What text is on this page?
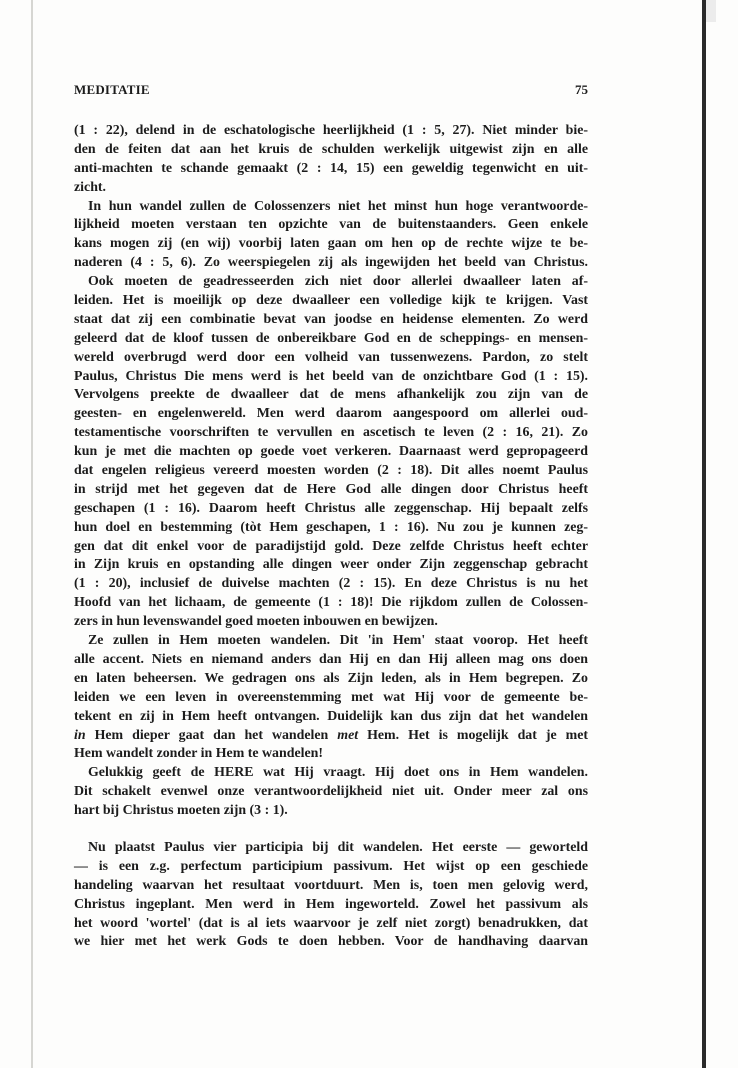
MEDITATIE	75
(1 : 22), delend in de eschatologische heerlijkheid (1 : 5, 27). Niet minder bie-
den de feiten dat aan het kruis de schulden werkelijk uitgewist zijn en alle
anti-machten te schande gemaakt (2 : 14, 15) een geweldig tegenwicht en uit-
zicht.
In hun wandel zullen de Colossenzers niet het minst hun hoge verantwoorde-
lijkheid moeten verstaan ten opzichte van de buitenstaanders. Geen enkele
kans mogen zij (en wij) voorbij laten gaan om hen op de rechte wijze te be-
naderen (4 : 5, 6). Zo weerspiegelen zij als ingewijden het beeld van Christus.
Ook moeten de geadresseerden zich niet door allerlei dwaalleer laten af-
leiden. Het is moeilijk op deze dwaalleer een volledige kijk te krijgen. Vast
staat dat zij een combinatie bevat van joodse en heidense elementen. Zo werd
geleerd dat de kloof tussen de onbereikbare God en de scheppings- en mensen-
wereld overbrugd werd door een volheid van tussenwezens. Pardon, zo stelt
Paulus, Christus Die mens werd is het beeld van de onzichtbare God (1 : 15).
Vervolgens preekte de dwaalleer dat de mens afhankelijk zou zijn van de
geesten- en engelenwereld. Men werd daarom aangespoord om allerlei oud-
testamentische voorschriften te vervullen en ascetisch te leven (2 : 16, 21). Zo
kun je met die machten op goede voet verkeren. Daarnaast werd gepropageerd
dat engelen religieus vereerd moesten worden (2 : 18). Dit alles noemt Paulus
in strijd met het gegeven dat de Here God alle dingen door Christus heeft
geschapen (1 : 16). Daarom heeft Christus alle zeggenschap. Hij bepaalt zelfs
hun doel en bestemming (tòt Hem geschapen, 1 : 16). Nu zou je kunnen zeg-
gen dat dit enkel voor de paradijstijd gold. Deze zelfde Christus heeft echter
in Zijn kruis en opstanding alle dingen weer onder Zijn zeggenschap gebracht
(1 : 20), inclusief de duivelse machten (2 : 15). En deze Christus is nu het
Hoofd van het lichaam, de gemeente (1 : 18)! Die rijkdom zullen de Colossen-
zers in hun levenswandel goed moeten inbouwen en bewijzen.
Ze zullen in Hem moeten wandelen. Dit 'in Hem' staat voorop. Het heeft
alle accent. Niets en niemand anders dan Hij en dan Hij alleen mag ons doen
en laten beheersen. We gedragen ons als Zijn leden, als in Hem begrepen. Zo
leiden we een leven in overeenstemming met wat Hij voor de gemeente be-
tekent en zij in Hem heeft ontvangen. Duidelijk kan dus zijn dat het wandelen
in Hem dieper gaat dan het wandelen met Hem. Het is mogelijk dat je met
Hem wandelt zonder in Hem te wandelen!
Gelukkig geeft de HERE wat Hij vraagt. Hij doet ons in Hem wandelen.
Dit schakelt evenwel onze verantwoordelijkheid niet uit. Onder meer zal ons
hart bij Christus moeten zijn (3 : 1).
Nu plaatst Paulus vier participia bij dit wandelen. Het eerste — geworteld
— is een z.g. perfectum participium passivum. Het wijst op een geschiede
handeling waarvan het resultaat voortduurt. Men is, toen men gelovig werd,
Christus ingeplant. Men werd in Hem ingeworteld. Zowel het passivum als
het woord 'wortel' (dat is al iets waarvoor je zelf niet zorgt) benadrukken, dat
we hier met het werk Gods te doen hebben. Voor de handhaving daarvan
